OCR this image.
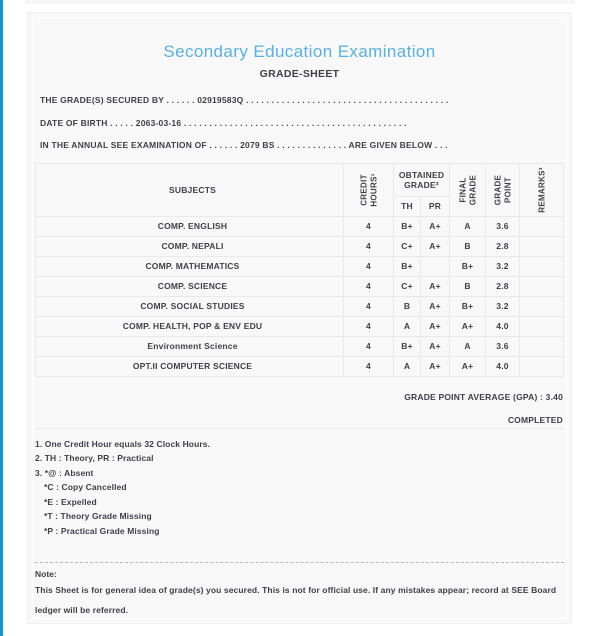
Secondary Education Examination
GRADE-SHEET
THE GRADE(S) SECURED BY . . . . . . 02919583Q . . . . . . . . . . . . . . . . . . . . . . . . . . . . . . . . . . . . . . . .
DATE OF BIRTH . . . . . 2063-03-16 . . . . . . . . . . . . . . . . . . . . . . . . . . . . . . . . . . . . . . . . . . . .
IN THE ANNUAL SEE EXAMINATION OF . . . . . . 2079 BS . . . . . . . . . . . . . . ARE GIVEN BELOW . . .
SUBJECTS	CREDIT HOURS¹	OBTAINED GRADE²	FINAL GRADE	GRADE POINT	REMARKS³

		TH	PR			
COMP. ENGLISH	4	B+	A+	A	3.6	
COMP. NEPALI	4	C+	A+	B	2.8	
COMP. MATHEMATICS	4	B+		B+	3.2	
COMP. SCIENCE	4	C+	A+	B	2.8	
COMP. SOCIAL STUDIES	4	B	A+	B+	3.2	
COMP. HEALTH, POP & ENV EDU	4	A	A+	A+	4.0	
Environment Science	4	B+	A+	A	3.6	
OPT.II COMPUTER SCIENCE	4	A	A+	A+	4.0	
GRADE POINT AVERAGE (GPA) : 3.40
COMPLETED
1. One Credit Hour equals 32 Clock Hours.
2. TH : Theory, PR : Practical
3. *@ : Absent
*C : Copy Cancelled
*E : Expelled
*T : Theory Grade Missing
*P : Practical Grade Missing
Note:
This Sheet is for general idea of grade(s) you secured. This is not for official use. If any mistakes appear; record at SEE Board ledger will be referred.
